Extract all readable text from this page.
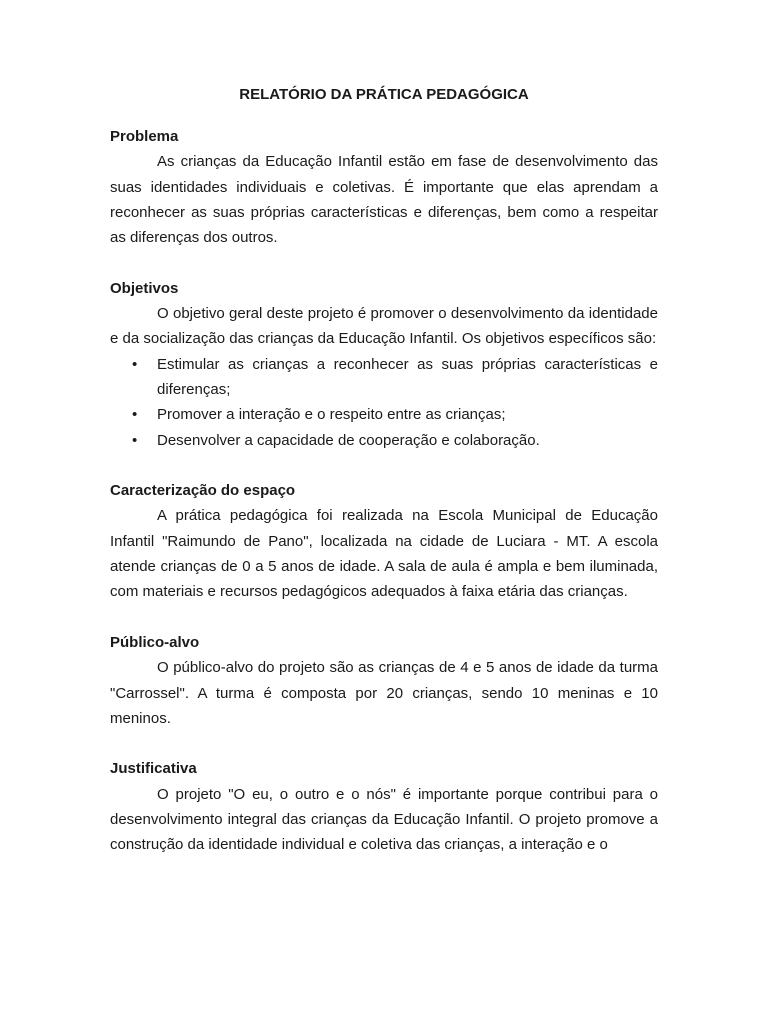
RELATÓRIO DA PRÁTICA PEDAGÓGICA

Problema

As crianças da Educação Infantil estão em fase de desenvolvimento das suas identidades individuais e coletivas. É importante que elas aprendam a reconhecer as suas próprias características e diferenças, bem como a respeitar as diferenças dos outros.

Objetivos

O objetivo geral deste projeto é promover o desenvolvimento da identidade e da socialização das crianças da Educação Infantil. Os objetivos específicos são:

• Estimular as crianças a reconhecer as suas próprias características e diferenças;
• Promover a interação e o respeito entre as crianças;
• Desenvolver a capacidade de cooperação e colaboração.

Caracterização do espaço

A prática pedagógica foi realizada na Escola Municipal de Educação Infantil "Raimundo de Pano", localizada na cidade de Luciara - MT. A escola atende crianças de 0 a 5 anos de idade. A sala de aula é ampla e bem iluminada, com materiais e recursos pedagógicos adequados à faixa etária das crianças.

Público-alvo

O público-alvo do projeto são as crianças de 4 e 5 anos de idade da turma "Carrossel". A turma é composta por 20 crianças, sendo 10 meninas e 10 meninos.

Justificativa

O projeto "O eu, o outro e o nós" é importante porque contribui para o desenvolvimento integral das crianças da Educação Infantil. O projeto promove a construção da identidade individual e coletiva das crianças, a interação e o
